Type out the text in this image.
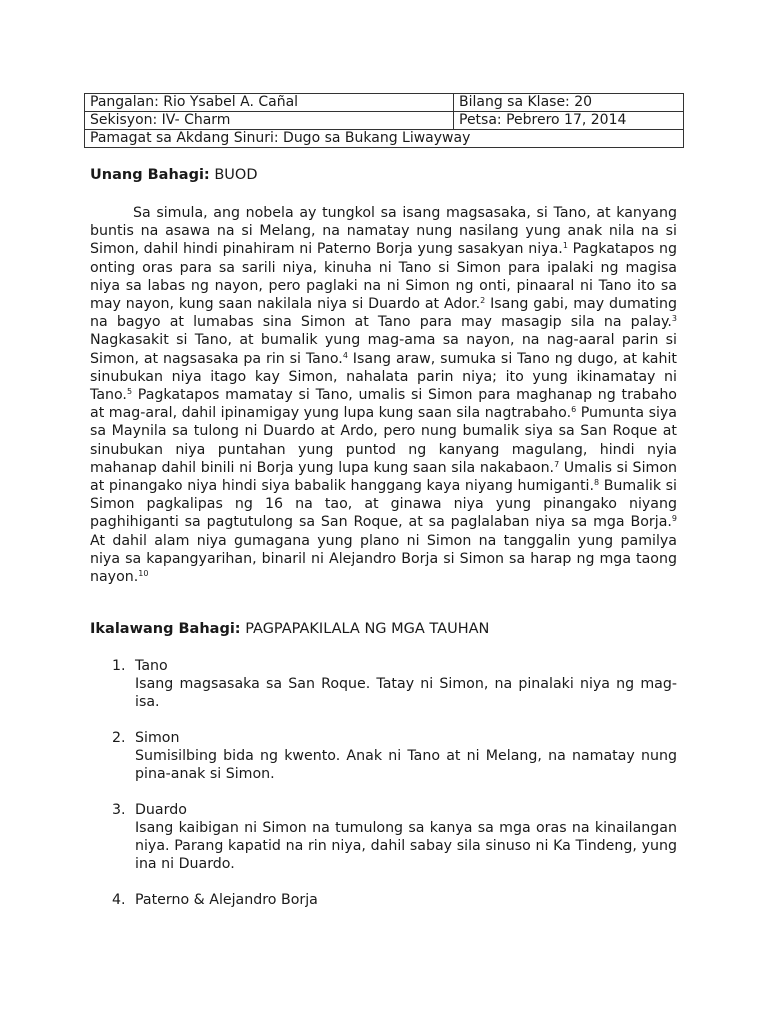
Pangalan: Rio Ysabel A. Cañal	Bilang sa Klase: 20
Sekisyon: IV- Charm	Petsa: Pebrero 17, 2014
Pamagat sa Akdang Sinuri: Dugo sa Bukang Liwayway	
Unang Bahagi: BUOD
Sa simula, ang nobela ay tungkol sa isang magsasaka, si Tano, at kanyang buntis na asawa na si Melang, na namatay nung nasilang yung anak nila na si Simon, dahil hindi pinahiram ni Paterno Borja yung sasakyan niya.$^1$ Pagkatapos ng onting oras para sa sarili niya, kinuha ni Tano si Simon para ipalaki ng magisa niya sa labas ng nayon, pero paglaki na ni Simon ng onti, pinaaral ni Tano ito sa may nayon, kung saan nakilala niya si Duardo at Ador.$^2$ Isang gabi, may dumating na bagyo at lumabas sina Simon at Tano para may masagip sila na palay.$^3$ Nagkasakit si Tano, at bumalik yung mag-ama sa nayon, na nag-aaral parin si Simon, at nagsasaka pa rin si Tano.$^4$ Isang araw, sumuka si Tano ng dugo, at kahit sinubukan niya itago kay Simon, nahalata parin niya; ito yung ikinamatay ni Tano.$^5$ Pagkatapos mamatay si Tano, umalis si Simon para maghanap ng trabaho at mag-aral, dahil ipinamigay yung lupa kung saan sila nagtrabaho.$^6$ Pumunta siya sa Maynila sa tulong ni Duardo at Ardo, pero nung bumalik siya sa San Roque at sinubukan niya puntahan yung puntod ng kanyang magulang, hindi nyia mahanap dahil binili ni Borja yung lupa kung saan sila nakabaon.$^7$ Umalis si Simon at pinangako niya hindi siya babalik hanggang kaya niyang humiganti.$^8$ Bumalik si Simon pagkalipas ng 16 na tao, at ginawa niya yung pinangako niyang paghihiganti sa pagtutulong sa San Roque, at sa paglalaban niya sa mga Borja.$^9$ At dahil alam niya gumagana yung plano ni Simon na tanggalin yung pamilya niya sa kapangyarihan, binaril ni Alejandro Borja si Simon sa harap ng mga taong nayon.$^{10}$
Ikalawang Bahagi: PAGPAPAKILALA NG MGA TAUHAN
1. Tano
Isang magsasaka sa San Roque. Tatay ni Simon, na pinalaki niya ng mag-isa.
2. Simon
Sumisilbing bida ng kwento. Anak ni Tano at ni Melang, na namatay nung pina-anak si Simon.
3. Duardo
Isang kaibigan ni Simon na tumulong sa kanya sa mga oras na kinailangan niya. Parang kapatid na rin niya, dahil sabay sila sinuso ni Ka Tindeng, yung ina ni Duardo.
4. Paterno & Alejandro Borja
